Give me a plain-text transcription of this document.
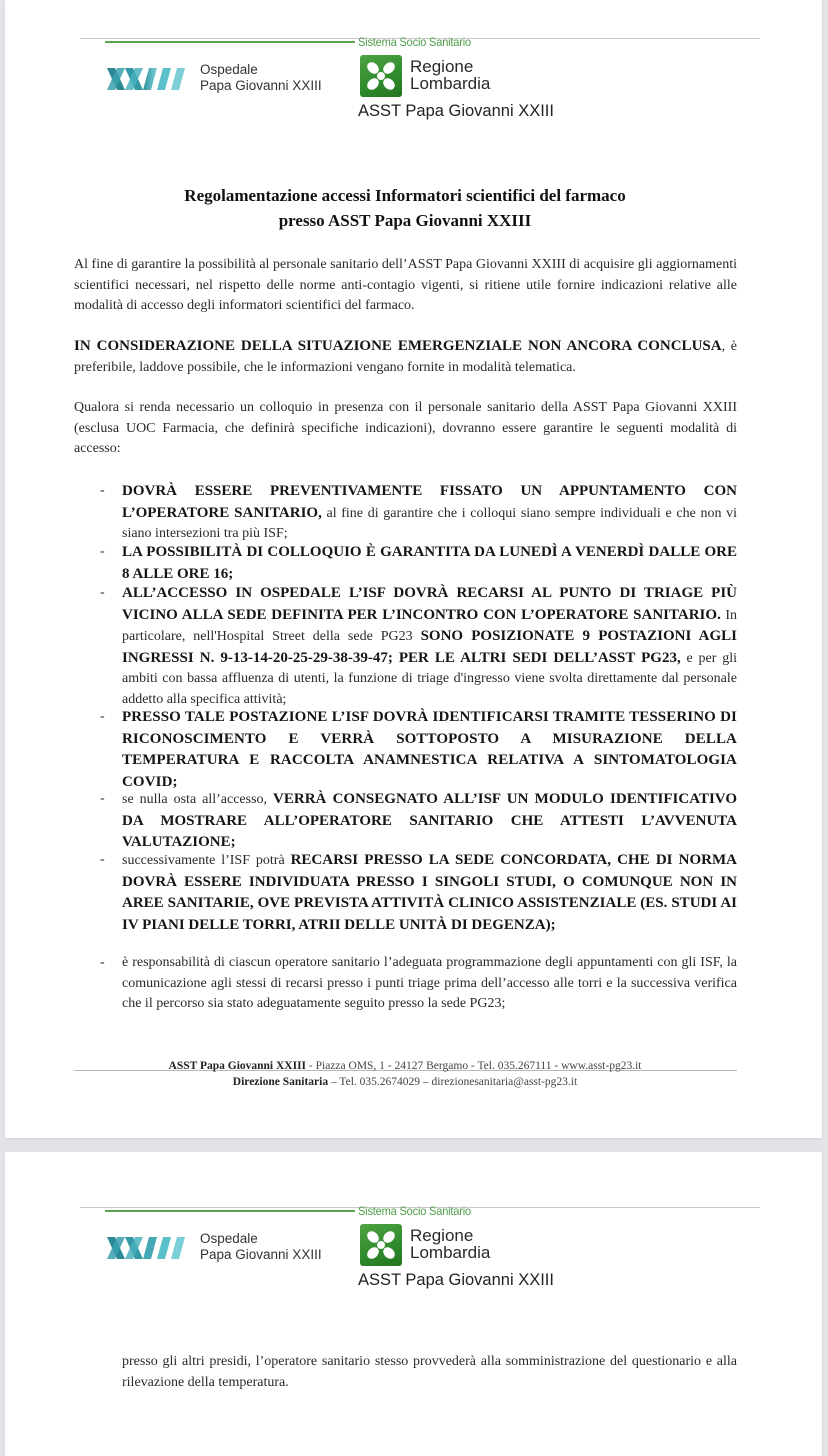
Sistema Socio Sanitario
Ospedale
Papa Giovanni XXIII
Regione
Lombardia
ASST Papa Giovanni XXIII
Regolamentazione accessi Informatori scientifici del farmaco
presso ASST Papa Giovanni XXIII
Al fine di garantire la possibilità al personale sanitario dell’ASST Papa Giovanni XXIII di acquisire gli aggiornamenti scientifici necessari, nel rispetto delle norme anti-contagio vigenti, si ritiene utile fornire indicazioni relative alle modalità di accesso degli informatori scientifici del farmaco.
IN CONSIDERAZIONE DELLA SITUAZIONE EMERGENZIALE NON ANCORA CONCLUSA, è preferibile, laddove possibile, che le informazioni vengano fornite in modalità telematica.
Qualora si renda necessario un colloquio in presenza con il personale sanitario della ASST Papa Giovanni XXIII (esclusa UOC Farmacia, che definirà specifiche indicazioni), dovranno essere garantire le seguenti modalità di accesso:
- DOVRÀ ESSERE PREVENTIVAMENTE FISSATO UN APPUNTAMENTO CON L’OPERATORE SANITARIO, al fine di garantire che i colloqui siano sempre individuali e che non vi siano intersezioni tra più ISF;
- LA POSSIBILITÀ DI COLLOQUIO È GARANTITA DA LUNEDÌ A VENERDÌ DALLE ORE 8 ALLE ORE 16;
- ALL’ACCESSO IN OSPEDALE L’ISF DOVRÀ RECARSI AL PUNTO DI TRIAGE PIÙ VICINO ALLA SEDE DEFINITA PER L’INCONTRO CON L’OPERATORE SANITARIO. In particolare, nell'Hospital Street della sede PG23 SONO POSIZIONATE 9 POSTAZIONI AGLI INGRESSI N. 9-13-14-20-25-29-38-39-47; PER LE ALTRI SEDI DELL’ASST PG23, e per gli ambiti con bassa affluenza di utenti, la funzione di triage d'ingresso viene svolta direttamente dal personale addetto alla specifica attività;
- PRESSO TALE POSTAZIONE L’ISF DOVRÀ IDENTIFICARSI TRAMITE TESSERINO DI RICONOSCIMENTO E VERRÀ SOTTOPOSTO A MISURAZIONE DELLA TEMPERATURA E RACCOLTA ANAMNESTICA RELATIVA A SINTOMATOLOGIA COVID;
- se nulla osta all’accesso, VERRÀ CONSEGNATO ALL’ISF UN MODULO IDENTIFICATIVO DA MOSTRARE ALL’OPERATORE SANITARIO CHE ATTESTI L’AVVENUTA VALUTAZIONE;
- successivamente l’ISF potrà RECARSI PRESSO LA SEDE CONCORDATA, CHE DI NORMA DOVRÀ ESSERE INDIVIDUATA PRESSO I SINGOLI STUDI, O COMUNQUE NON IN AREE SANITARIE, OVE PREVISTA ATTIVITÀ CLINICO ASSISTENZIALE (ES. STUDI AI IV PIANI DELLE TORRI, ATRII DELLE UNITÀ DI DEGENZA);
- è responsabilità di ciascun operatore sanitario l’adeguata programmazione degli appuntamenti con gli ISF, la comunicazione agli stessi di recarsi presso i punti triage prima dell’accesso alle torri e la successiva verifica che il percorso sia stato adeguatamente seguito presso la sede PG23;
ASST Papa Giovanni XXIII - Piazza OMS, 1 - 24127 Bergamo - Tel. 035.267111 - www.asst-pg23.it
Direzione Sanitaria – Tel. 035.2674029 – direzionesanitaria@asst-pg23.it
Sistema Socio Sanitario
Ospedale
Papa Giovanni XXIII
Regione
Lombardia
ASST Papa Giovanni XXIII
presso gli altri presidi, l’operatore sanitario stesso provvederà alla somministrazione del questionario e alla rilevazione della temperatura.
